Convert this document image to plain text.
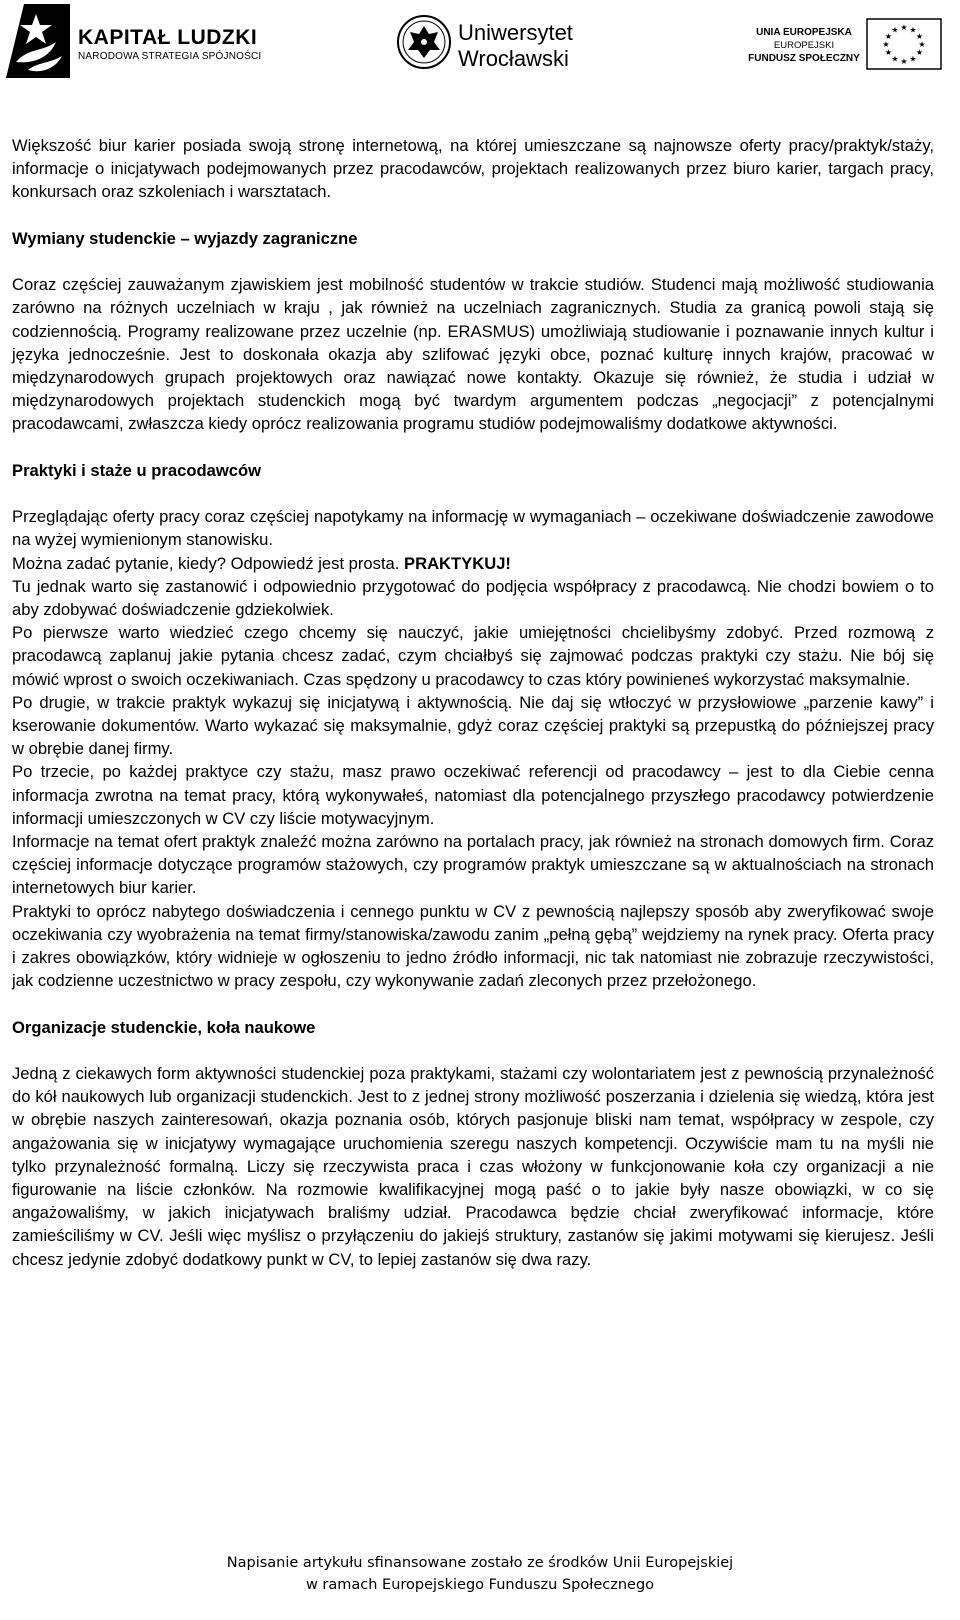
KAPITAŁ LUDZKI
NARODOWA STRATEGIA SPÓJNOŚCI
Uniwersytet
Wrocławski
UNIA EUROPEJSKA
EUROPEJSKI
FUNDUSZ SPOŁECZNY
★ ★
★
★
★
★
★
★
★
★
★
★

Większość biur karier posiada swoją stronę internetową, na której umieszczane są najnowsze oferty pracy/praktyk/staży, informacje o inicjatywach podejmowanych przez pracodawców, projektach realizowanych przez biuro karier, targach pracy, konkursach oraz szkoleniach i warsztatach.

Wymiany studenckie – wyjazdy zagraniczne

Coraz częściej zauważanym zjawiskiem jest mobilność studentów w trakcie studiów. Studenci mają możliwość studiowania zarówno na różnych uczelniach w kraju , jak również na uczelniach zagranicznych. Studia za granicą powoli stają się codziennością. Programy realizowane przez uczelnie (np. ERASMUS) umożliwiają studiowanie i poznawanie innych kultur i języka jednocześnie. Jest to doskonała okazja aby szlifować języki obce, poznać kulturę innych krajów, pracować w międzynarodowych grupach projektowych oraz nawiązać nowe kontakty. Okazuje się również, że studia i udział w międzynarodowych projektach studenckich mogą być twardym argumentem podczas „negocjacji” z potencjalnymi pracodawcami, zwłaszcza kiedy oprócz realizowania programu studiów podejmowaliśmy dodatkowe aktywności.

Praktyki i staże u pracodawców

Przeglądając oferty pracy coraz częściej napotykamy na informację w wymaganiach – oczekiwane doświadczenie zawodowe na wyżej wymienionym stanowisku.

Można zadać pytanie, kiedy? Odpowiedź jest prosta. PRAKTYKUJ!

Tu jednak warto się zastanowić i odpowiednio przygotować do podjęcia współpracy z pracodawcą. Nie chodzi bowiem o to aby zdobywać doświadczenie gdziekolwiek.

Po pierwsze warto wiedzieć czego chcemy się nauczyć, jakie umiejętności chcielibyśmy zdobyć. Przed rozmową z pracodawcą zaplanuj jakie pytania chcesz zadać, czym chciałbyś się zajmować podczas praktyki czy stażu. Nie bój się mówić wprost o swoich oczekiwaniach. Czas spędzony u pracodawcy to czas który powinieneś wykorzystać maksymalnie.

Po drugie, w trakcie praktyk wykazuj się inicjatywą i aktywnością. Nie daj się wtłoczyć w przysłowiowe „parzenie kawy” i kserowanie dokumentów. Warto wykazać się maksymalnie, gdyż coraz częściej praktyki są przepustką do późniejszej pracy w obrębie danej firmy.

Po trzecie, po każdej praktyce czy stażu, masz prawo oczekiwać referencji od pracodawcy – jest to dla Ciebie cenna informacja zwrotna na temat pracy, którą wykonywałeś, natomiast dla potencjalnego przyszłego pracodawcy potwierdzenie informacji umieszczonych w CV czy liście motywacyjnym.

Informacje na temat ofert praktyk znaleźć można zarówno na portalach pracy, jak również na stronach domowych firm. Coraz częściej informacje dotyczące programów stażowych, czy programów praktyk umieszczane są w aktualnościach na stronach internetowych biur karier.

Praktyki to oprócz nabytego doświadczenia i cennego punktu w CV z pewnością najlepszy sposób aby zweryfikować swoje oczekiwania czy wyobrażenia na temat firmy/stanowiska/zawodu zanim „pełną gębą” wejdziemy na rynek pracy. Oferta pracy i zakres obowiązków, który widnieje w ogłoszeniu to jedno źródło informacji, nic tak natomiast nie zobrazuje rzeczywistości, jak codzienne uczestnictwo w pracy zespołu, czy wykonywanie zadań zleconych przez przełożonego.

Organizacje studenckie, koła naukowe

Jedną z ciekawych form aktywności studenckiej poza praktykami, stażami czy wolontariatem jest z pewnością przynależność do kół naukowych lub organizacji studenckich. Jest to z jednej strony możliwość poszerzania i dzielenia się wiedzą, która jest w obrębie naszych zainteresowań, okazja poznania osób, których pasjonuje bliski nam temat, współpracy w zespole, czy angażowania się w inicjatywy wymagające uruchomienia szeregu naszych kompetencji. Oczywiście mam tu na myśli nie tylko przynależność formalną. Liczy się rzeczywista praca i czas włożony w funkcjonowanie koła czy organizacji a nie figurowanie na liście członków. Na rozmowie kwalifikacyjnej mogą paść o to jakie były nasze obowiązki, w co się angażowaliśmy, w jakich inicjatywach braliśmy udział. Pracodawca będzie chciał zweryfikować informacje, które zamieściliśmy w CV. Jeśli więc myślisz o przyłączeniu do jakiejś struktury, zastanów się jakimi motywami się kierujesz. Jeśli chcesz jedynie zdobyć dodatkowy punkt w CV, to lepiej zastanów się dwa razy.

Napisanie artykułu sfinansowane zostało ze środków Unii Europejskiej
w ramach Europejskiego Funduszu Społecznego
